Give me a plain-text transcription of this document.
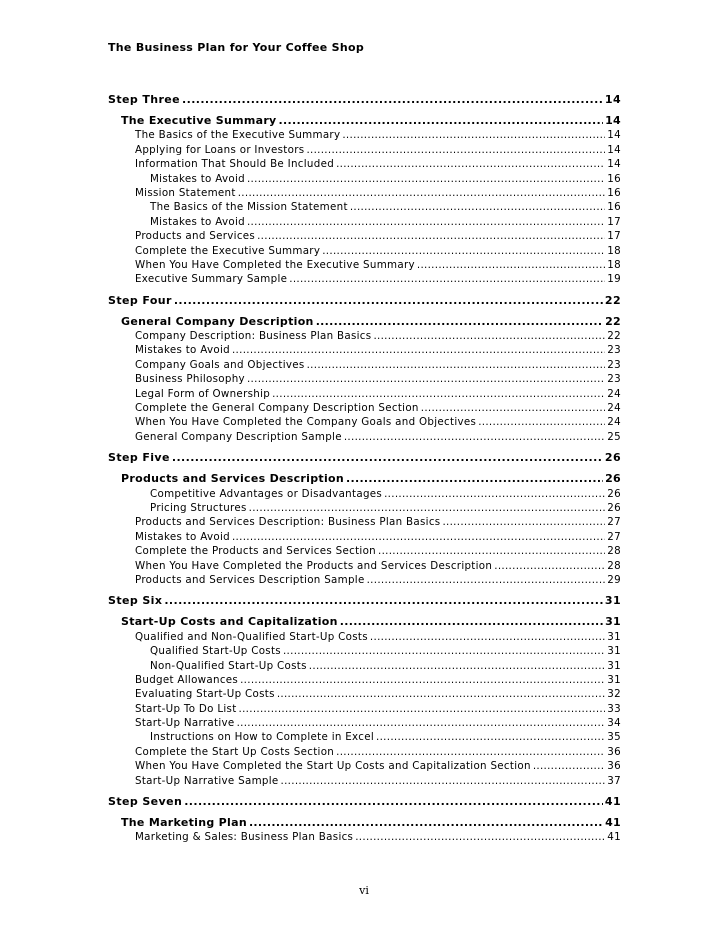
The Business Plan for Your Coffee Shop
Step Three .....	14
The Executive Summary .....	14
The Basics of the Executive Summary .....	14
Applying for Loans or Investors .....	14
Information That Should Be Included .....	14
Mistakes to Avoid .....	16
Mission Statement .....	16
The Basics of the Mission Statement .....	16
Mistakes to Avoid .....	17
Products and Services .....	17
Complete the Executive Summary .....	18
When You Have Completed the Executive Summary .....	18
Executive Summary Sample .....	19
Step Four .....	22
General Company Description .....	22
Company Description: Business Plan Basics .....	22
Mistakes to Avoid .....	23
Company Goals and Objectives .....	23
Business Philosophy .....	23
Legal Form of Ownership .....	24
Complete the General Company Description Section .....	24
When You Have Completed the Company Goals and Objectives .....	24
General Company Description Sample .....	25
Step Five .....	26
Products and Services Description .....	26
Competitive Advantages or Disadvantages .....	26
Pricing Structures .....	26
Products and Services Description: Business Plan Basics .....	27
Mistakes to Avoid .....	27
Complete the Products and Services Section .....	28
When You Have Completed the Products and Services Description .....	28
Products and Services Description Sample .....	29
Step Six .....	31
Start-Up Costs and Capitalization .....	31
Qualified and Non-Qualified Start-Up Costs .....	31
Qualified Start-Up Costs .....	31
Non-Qualified Start-Up Costs .....	31
Budget Allowances .....	31
Evaluating Start-Up Costs .....	32
Start-Up To Do List .....	33
Start-Up Narrative .....	34
Instructions on How to Complete in Excel .....	35
Complete the Start Up Costs Section .....	36
When You Have Completed the Start Up Costs and Capitalization Section .....	36
Start-Up Narrative Sample .....	37
Step Seven .....	41
The Marketing Plan .....	41
Marketing & Sales: Business Plan Basics .....	41
vi
